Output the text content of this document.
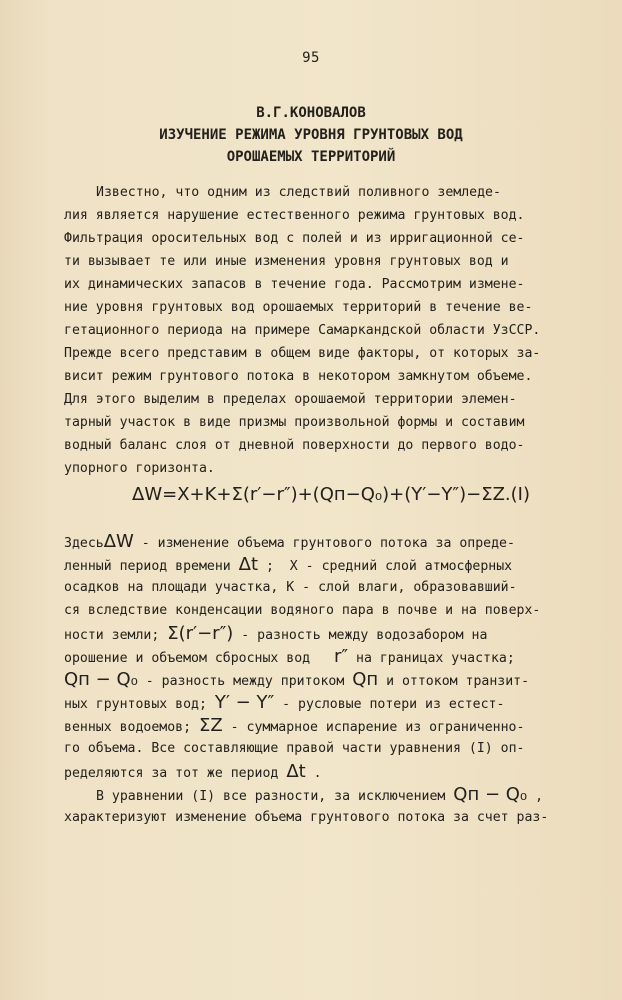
95
В.Г.КОНОВАЛОВ
ИЗУЧЕНИЕ РЕЖИМА УРОВНЯ ГРУНТОВЫХ ВОД
ОРОШАЕМЫХ ТЕРРИТОРИЙ
Известно, что одним из следствий поливного земледе-
лия является нарушение естественного режима грунтовых вод.
Фильтрация оросительных вод с полей и из ирригационной се-
ти вызывает те или иные изменения уровня грунтовых вод и
их динамических запасов в течение года. Рассмотрим измене-
ние уровня грунтовых вод орошаемых территорий в течение ве-
гетационного периода на примере Самаркандской области УзССР.
Прежде всего представим в общем виде факторы, от которых за-
висит режим грунтового потока в некотором замкнутом объеме.
Для этого выделим в пределах орошаемой территории элемен-
тарный участок в виде призмы произвольной формы и составим
водный баланс слоя от дневной поверхности до первого водо-
упорного горизонта.
ΔW=X+K+Σ(r′−r″)+(Qп−Q₀)+(Y′−Y″)−ΣZ.(I)
ЗдесьΔW - изменение объема грунтового потока за опреде-
ленный период времени Δt ;  X - средний слой атмосферных
осадков на площади участка, K - слой влаги, образовавший-
ся вследствие конденсации водяного пара в почве и на поверх-
ности земли; Σ(r′−r″) - разность между водозабором на
орошение и объемом сбросных вод   r″ на границах участка;
Qп − Q₀ - разность между притоком Qп и оттоком транзит-
ных грунтовых вод; Y′ − Y″ - русловые потери из естест-
венных водоемов; ΣZ - суммарное испарение из ограниченно-
го объема. Все составляющие правой части уравнения (I) оп-
ределяются за тот же период Δt .
В уравнении (I) все разности, за исключением Qп − Q₀ ,
характеризуют изменение объема грунтового потока за счет раз-
